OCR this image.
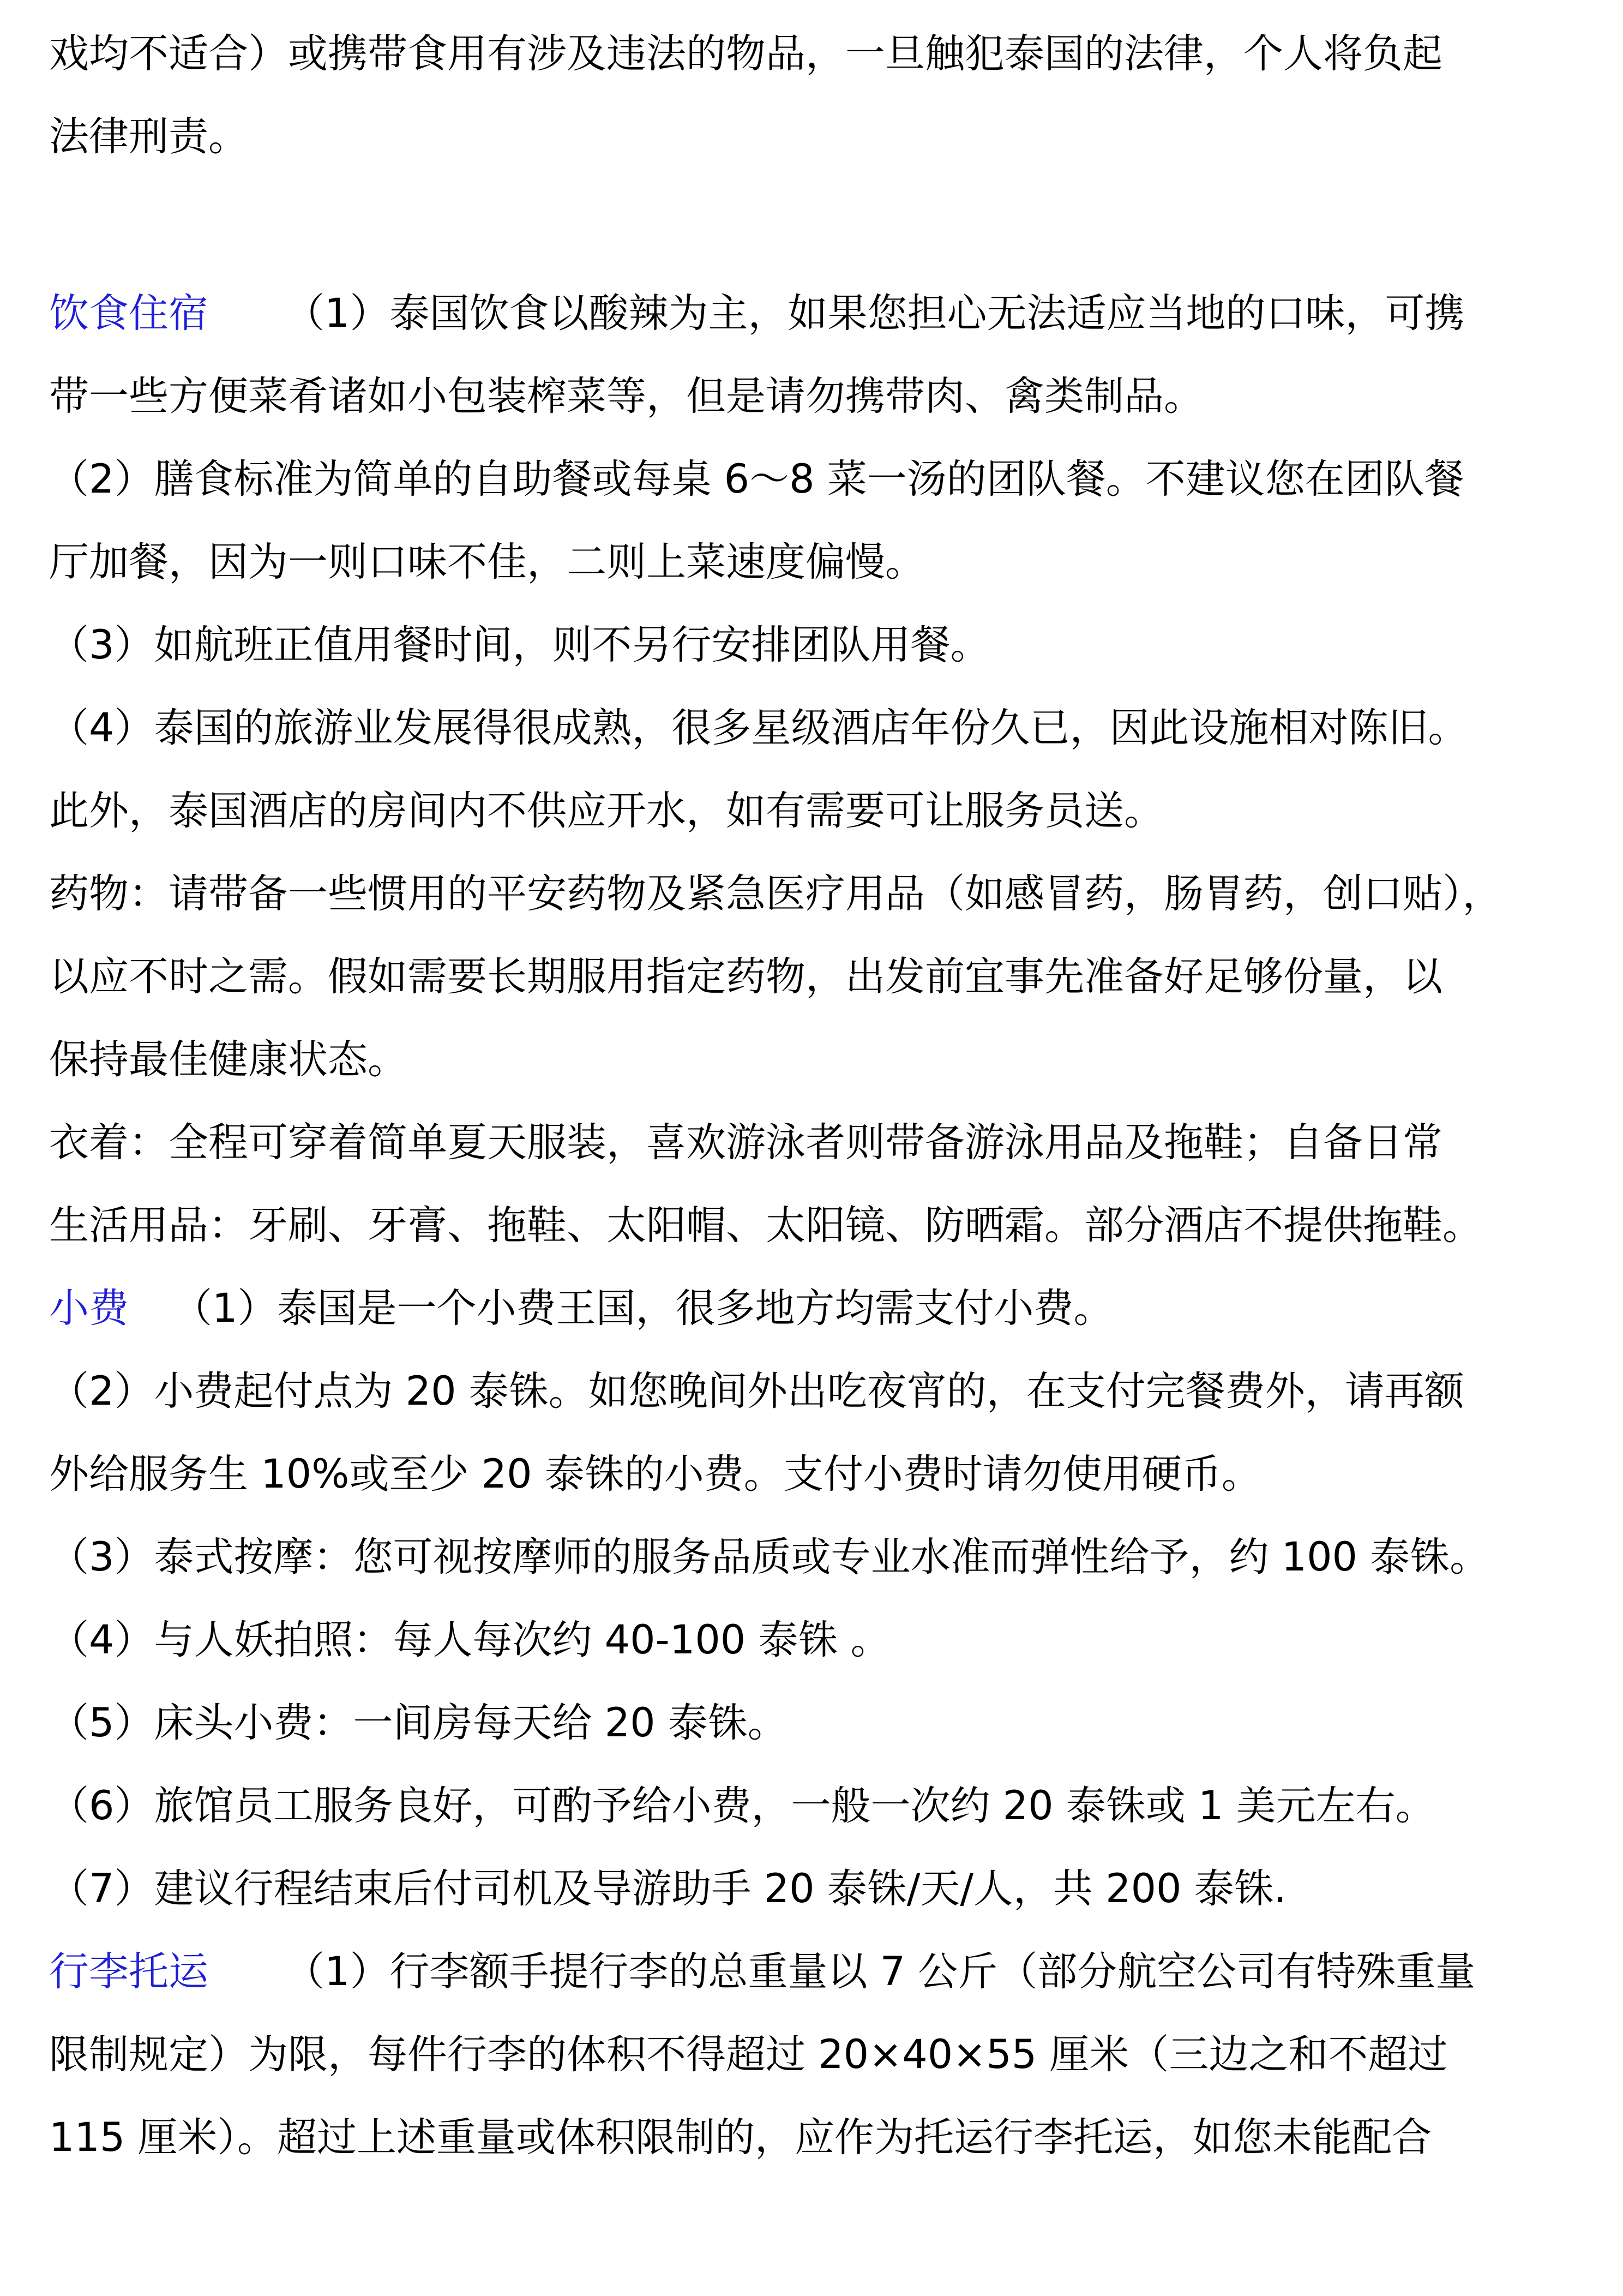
戏均不适合）或携带食用有涉及违法的物品，一旦触犯泰国的法律，个人将负起
法律刑责。
饮食住宿 （1）泰国饮食以酸辣为主，如果您担心无法适应当地的口味，可携
带一些方便菜肴诸如小包装榨菜等，但是请勿携带肉、禽类制品。
（2）膳食标准为简单的自助餐或每桌 6～8 菜一汤的团队餐。不建议您在团队餐
厅加餐，因为一则口味不佳，二则上菜速度偏慢。
（3）如航班正值用餐时间，则不另行安排团队用餐。
（4）泰国的旅游业发展得很成熟，很多星级酒店年份久已，因此设施相对陈旧。
此外，泰国酒店的房间内不供应开水，如有需要可让服务员送。
药物：请带备一些惯用的平安药物及紧急医疗用品（如感冒药，肠胃药，创口贴），
以应不时之需。假如需要长期服用指定药物，出发前宜事先准备好足够份量，以
保持最佳健康状态。
衣着：全程可穿着简单夏天服装，喜欢游泳者则带备游泳用品及拖鞋；自备日常
生活用品：牙刷、牙膏、拖鞋、太阳帽、太阳镜、防晒霜。部分酒店不提供拖鞋。
小费 （1）泰国是一个小费王国，很多地方均需支付小费。
（2）小费起付点为 20 泰铢。如您晚间外出吃夜宵的，在支付完餐费外，请再额
外给服务生 10%或至少 20 泰铢的小费。支付小费时请勿使用硬币。
（3）泰式按摩：您可视按摩师的服务品质或专业水准而弹性给予，约 100 泰铢。
（4）与人妖拍照：每人每次约 40-100 泰铢 。
（5）床头小费：一间房每天给 20 泰铢。
（6）旅馆员工服务良好，可酌予给小费，一般一次约 20 泰铢或 1 美元左右。
（7）建议行程结束后付司机及导游助手 20 泰铢/天/人，共 200 泰铢.
行李托运 （1）行李额手提行李的总重量以 7 公斤（部分航空公司有特殊重量
限制规定）为限，每件行李的体积不得超过 20×40×55 厘米（三边之和不超过
115 厘米）。超过上述重量或体积限制的，应作为托运行李托运，如您未能配合
